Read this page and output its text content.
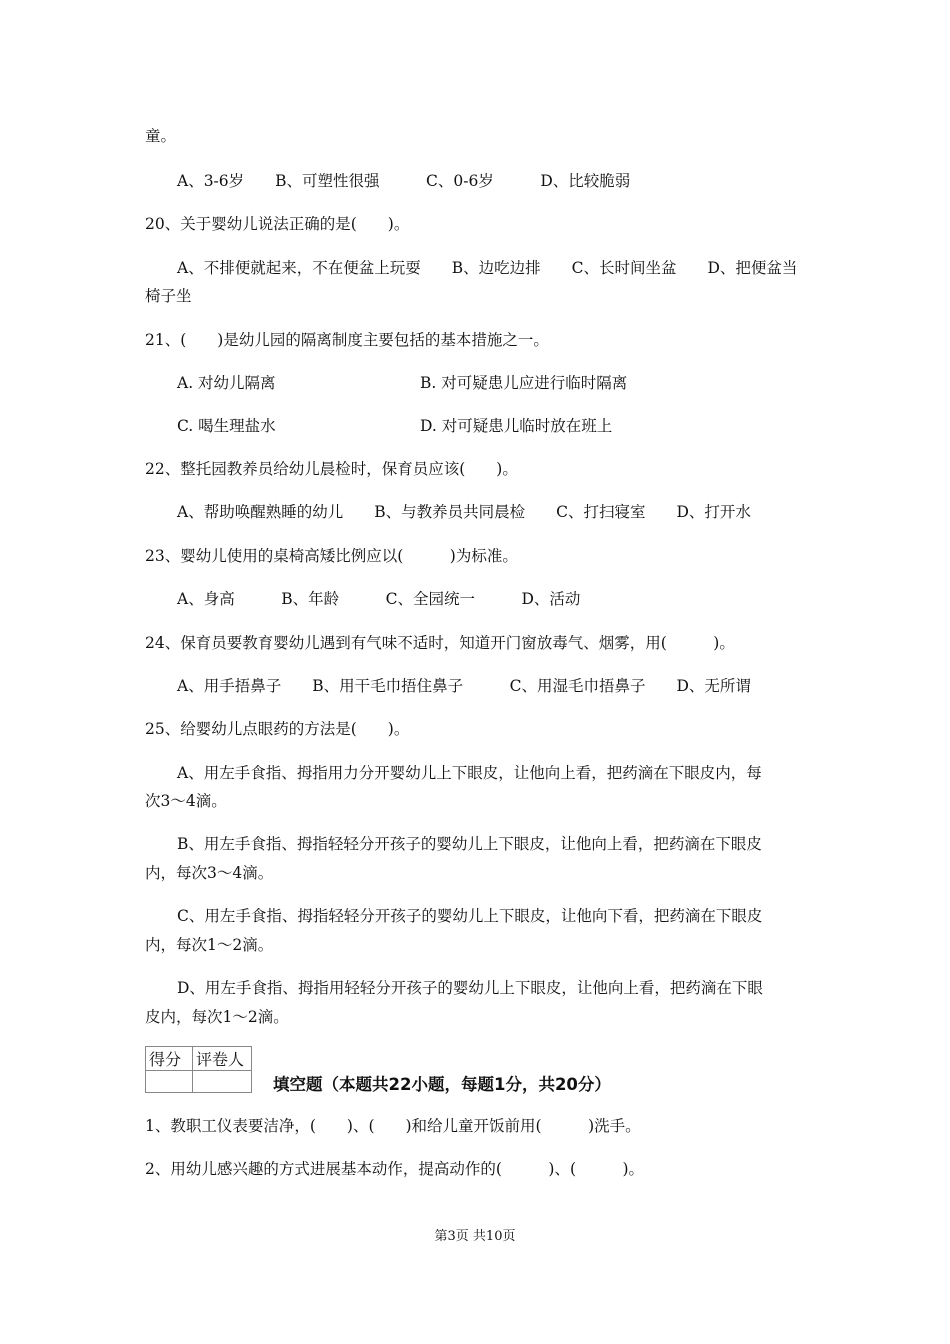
童。
A、3-6岁　　B、可塑性很强　　　C、0-6岁　　　D、比较脆弱
20、关于婴幼儿说法正确的是(　　)。
A、不排便就起来，不在便盆上玩耍　　B、边吃边排　　C、长时间坐盆　　D、把便盆当
椅子坐
21、(　　)是幼儿园的隔离制度主要包括的基本措施之一。
A. 对幼儿隔离	B. 对可疑患儿应进行临时隔离
C. 喝生理盐水	D. 对可疑患儿临时放在班上
22、整托园教养员给幼儿晨检时，保育员应该(　　)。
A、帮助唤醒熟睡的幼儿　　B、与教养员共同晨检　　C、打扫寝室　　D、打开水
23、婴幼儿使用的桌椅高矮比例应以(　　　)为标准。
A、身高　　　B、年龄　　　C、全园统一　　　D、活动
24、保育员要教育婴幼儿遇到有气味不适时，知道开门窗放毒气、烟雾，用(　　　)。
A、用手捂鼻子　　B、用干毛巾捂住鼻子　　　C、用湿毛巾捂鼻子　　D、无所谓
25、给婴幼儿点眼药的方法是(　　)。
A、用左手食指、拇指用力分开婴幼儿上下眼皮，让他向上看，把药滴在下眼皮内，每
次3～4滴。
B、用左手食指、拇指轻轻分开孩子的婴幼儿上下眼皮，让他向上看，把药滴在下眼皮
内，每次3～4滴。
C、用左手食指、拇指轻轻分开孩子的婴幼儿上下眼皮，让他向下看，把药滴在下眼皮
内，每次1～2滴。
D、用左手食指、拇指用轻轻分开孩子的婴幼儿上下眼皮，让他向上看，把药滴在下眼
皮内，每次1～2滴。
得分	评卷人

填空题（本题共22小题，每题1分，共20分）
1、教职工仪表要洁净，(　　)、(　　)和给儿童开饭前用(　　　)洗手。
2、用幼儿感兴趣的方式进展基本动作，提高动作的(　　　)、(　　　)。
第3页 共10页
